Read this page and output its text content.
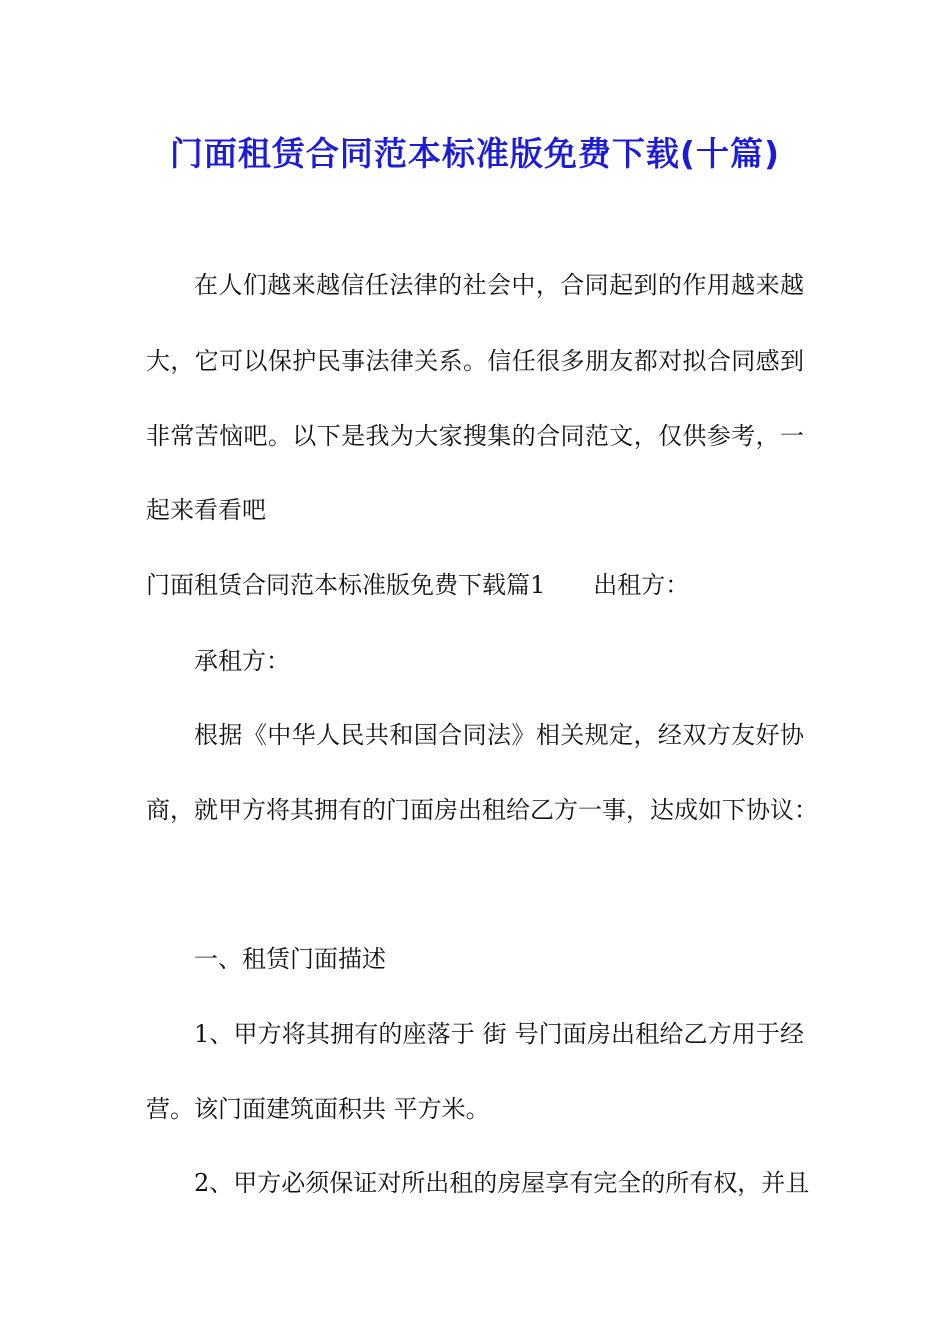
门面租赁合同范本标准版免费下载(十篇)
在人们越来越信任法律的社会中，合同起到的作用越来越
大，它可以保护民事法律关系。信任很多朋友都对拟合同感到
非常苦恼吧。以下是我为大家搜集的合同范文，仅供参考，一
起来看看吧
门面租赁合同范本标准版免费下载篇1 出租方：
承租方：
根据《中华人民共和国合同法》相关规定，经双方友好协
商，就甲方将其拥有的门面房出租给乙方一事，达成如下协议：
一、租赁门面描述
1、甲方将其拥有的座落于 街 号门面房出租给乙方用于经
营。该门面建筑面积共 平方米。
2、甲方必须保证对所出租的房屋享有完全的所有权，并且
